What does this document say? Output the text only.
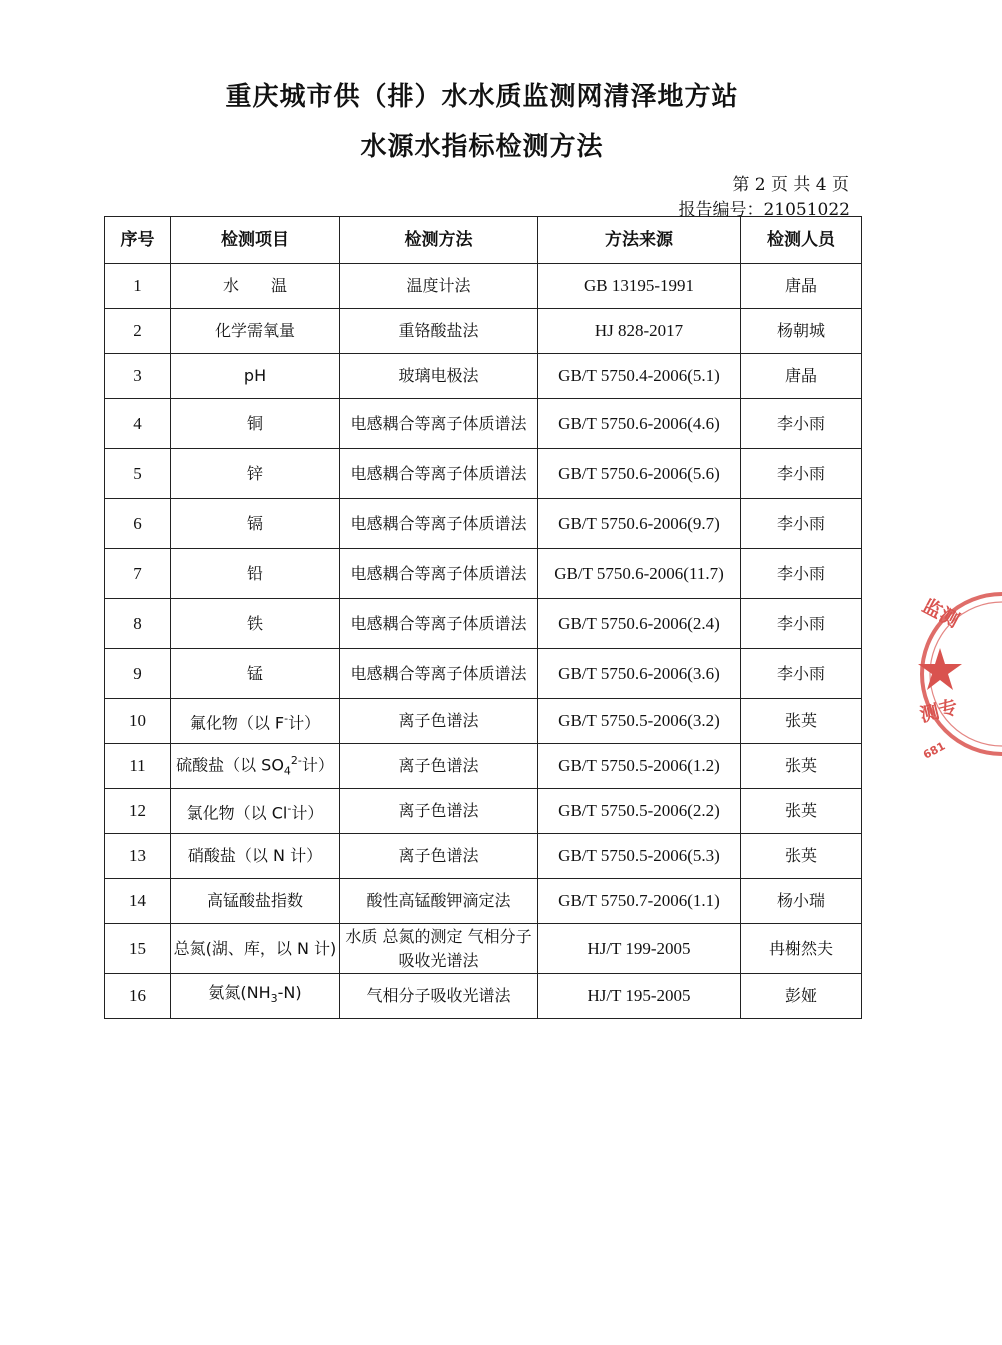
重庆城市供（排）水水质监测网清泽地方站
水源水指标检测方法
第 2 页 共 4 页
报告编号：21051022
序号	检测项目	检测方法	方法来源	检测人员
1	水　　温	温度计法	GB 13195-1991	唐晶
2	化学需氧量	重铬酸盐法	HJ 828-2017	杨朝城
3	pH	玻璃电极法	GB/T 5750.4-2006(5.1)	唐晶
4	铜	电感耦合等离子体质谱法	GB/T 5750.6-2006(4.6)	李小雨
5	锌	电感耦合等离子体质谱法	GB/T 5750.6-2006(5.6)	李小雨
6	镉	电感耦合等离子体质谱法	GB/T 5750.6-2006(9.7)	李小雨
7	铅	电感耦合等离子体质谱法	GB/T 5750.6-2006(11.7)	李小雨
8	铁	电感耦合等离子体质谱法	GB/T 5750.6-2006(2.4)	李小雨
9	锰	电感耦合等离子体质谱法	GB/T 5750.6-2006(3.6)	李小雨
10	氟化物（以 F-计）	离子色谱法	GB/T 5750.5-2006(3.2)	张英
11	硫酸盐（以 $SO_4^{2-}$计）	离子色谱法	GB/T 5750.5-2006(1.2)	张英
12	氯化物（以 Cl-计）	离子色谱法	GB/T 5750.5-2006(2.2)	张英
13	硝酸盐（以 N 计）	离子色谱法	GB/T 5750.5-2006(5.3)	张英
14	高锰酸盐指数	酸性高锰酸钾滴定法	GB/T 5750.7-2006(1.1)	杨小瑞
15	总氮(湖、库，以 N 计)	水质 总氮的测定 气相分子吸收光谱法	HJ/T 199-2005	冉榭然夫
16	氨氮$(NH_3-N)$	气相分子吸收光谱法	HJ/T 195-2005	彭娅
监测
测专
681
